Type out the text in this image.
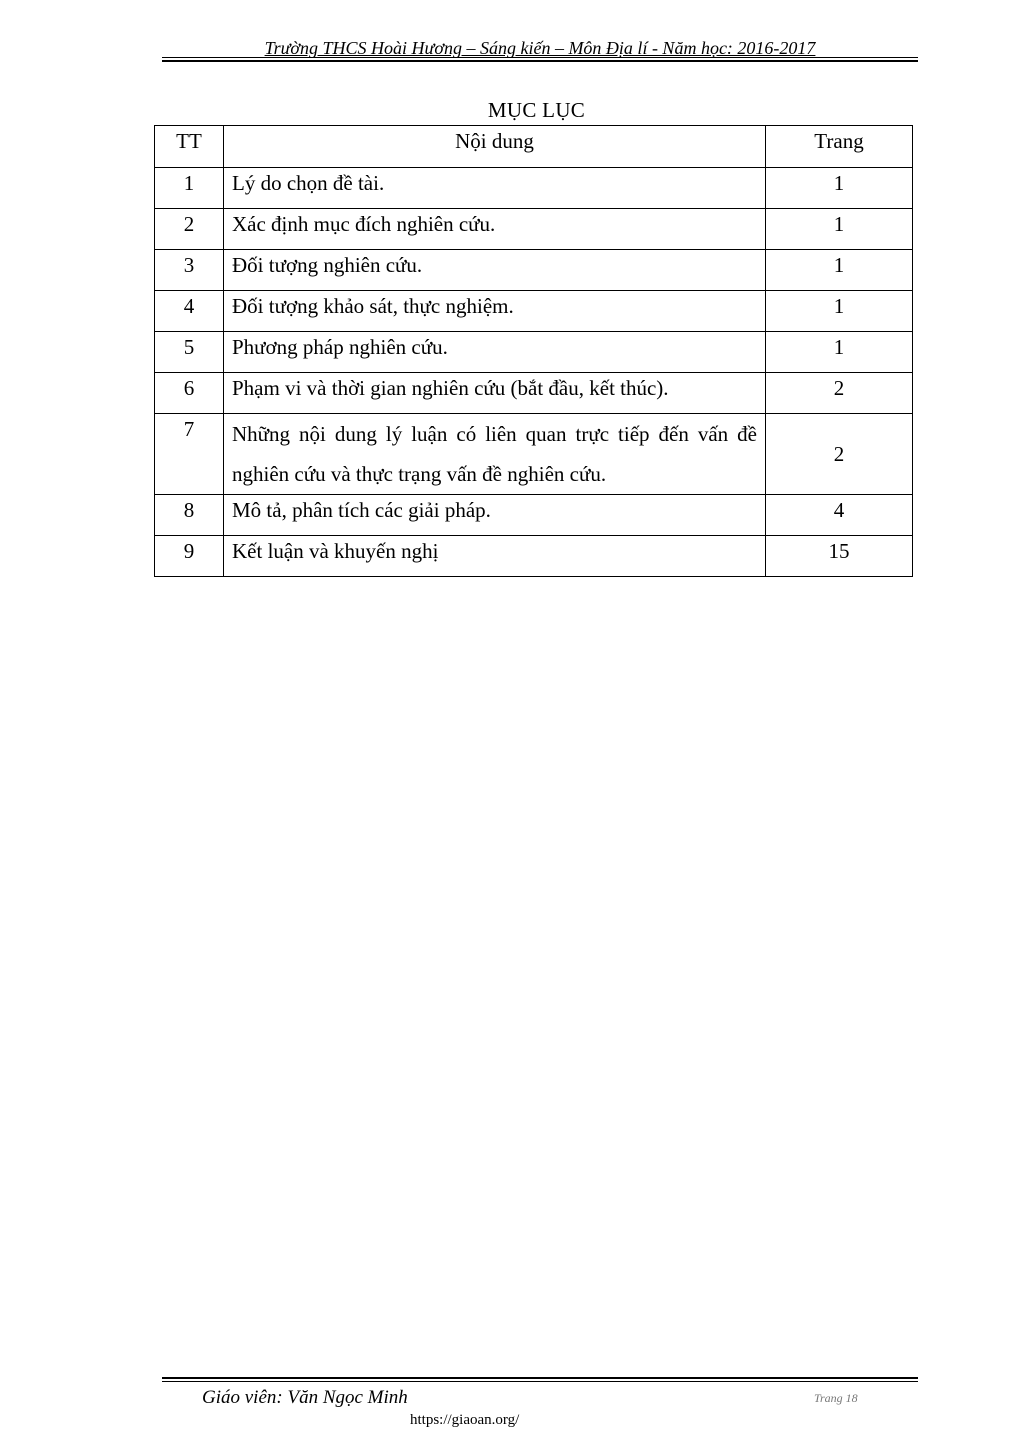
Trường THCS Hoài Hương – Sáng kiến – Môn Địa lí - Năm học: 2016-2017
MỤC LỤC
TT	Nội dung	Trang
1	Lý do chọn đề tài.	1
2	Xác định mục đích nghiên cứu.	1
3	Đối tượng nghiên cứu.	1
4	Đối tượng khảo sát, thực nghiệm.	1
5	Phương pháp nghiên cứu.	1
6	Phạm vi và thời gian nghiên cứu (bắt đầu, kết thúc).	2
7	Những nội dung lý luận có liên quan trực tiếp đến vấn đề nghiên cứu và thực trạng vấn đề nghiên cứu.	2
8	Mô tả, phân tích các giải pháp.	4
9	Kết luận và khuyến nghị	15
Giáo viên: Văn Ngọc Minh	Trang 18
https://giaoan.org/
